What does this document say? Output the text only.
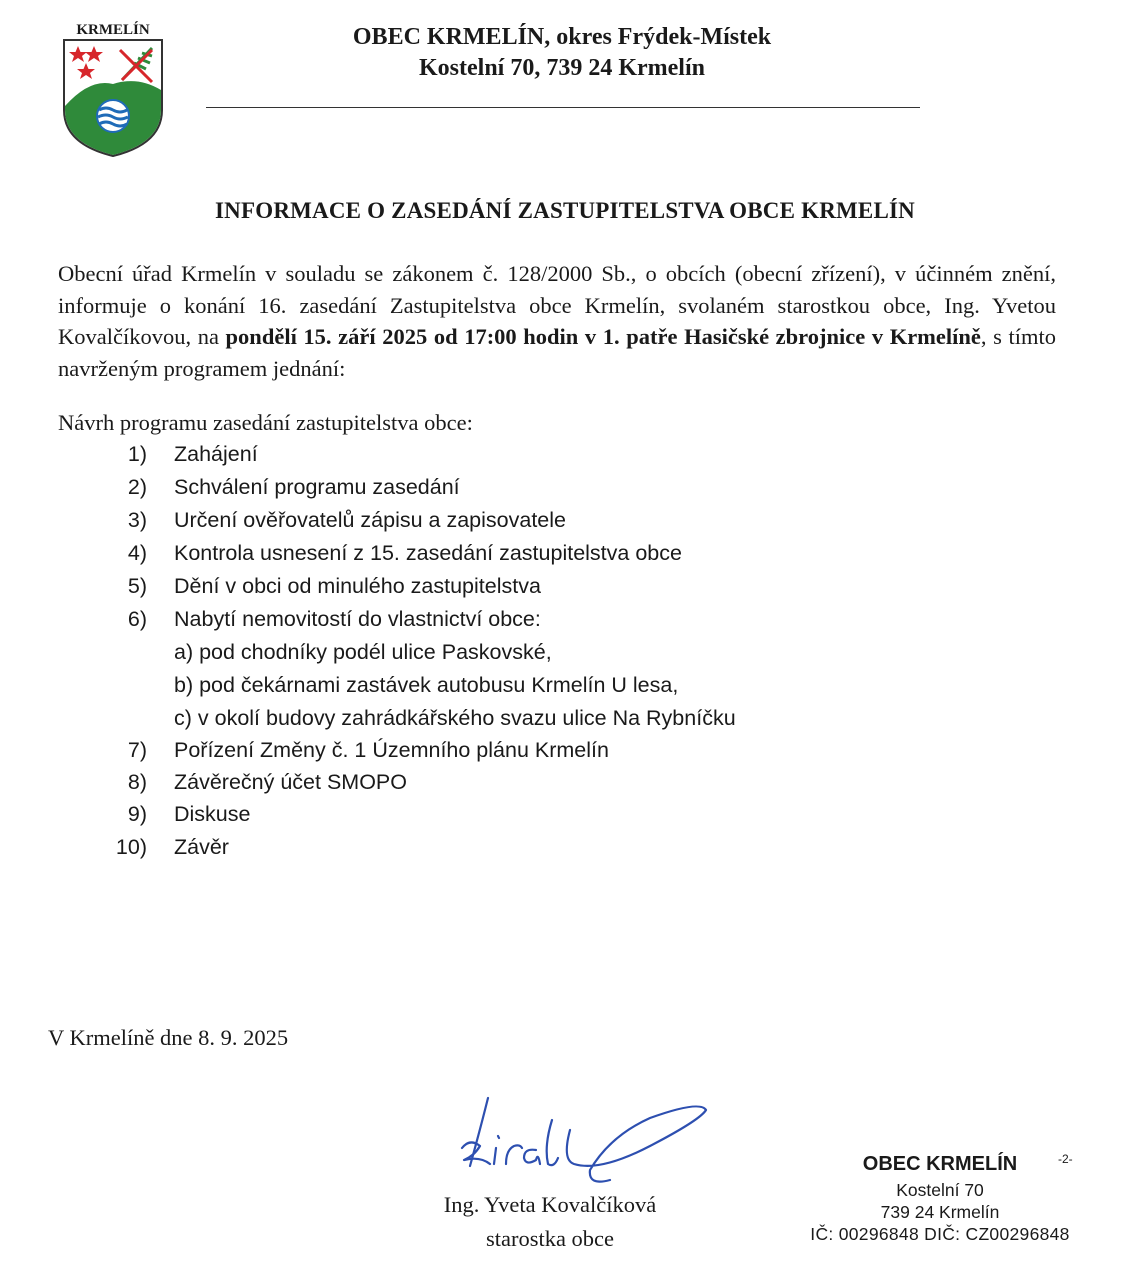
KRMELÍN	OBEC KRMELÍN, okres Frýdek-Místek
Kostelní 70, 739 24 Krmelín
INFORMACE O ZASEDÁNÍ ZASTUPITELSTVA OBCE KRMELÍN
Obecní úřad Krmelín v souladu se zákonem č. 128/2000 Sb., o obcích (obecní zřízení), v účinném znění, informuje o konání 16. zasedání Zastupitelstva obce Krmelín, svolaném starostkou obce, Ing. Yvetou Kovalčíkovou, na pondělí 15. září 2025 od 17:00 hodin v 1. patře Hasičské zbrojnice v Krmelíně, s tímto navrženým programem jednání:
Návrh programu zasedání zastupitelstva obce:
1) Zahájení
2) Schválení programu zasedání
3) Určení ověřovatelů zápisu a zapisovatele
4) Kontrola usnesení z 15. zasedání zastupitelstva obce
5) Dění v obci od minulého zastupitelstva
6) Nabytí nemovitostí do vlastnictví obce:
a) pod chodníky podél ulice Paskovské,
b) pod čekárnami zastávek autobusu Krmelín U lesa,
c) v okolí budovy zahrádkářského svazu ulice Na Rybníčku
7) Pořízení Změny č. 1 Územního plánu Krmelín
8) Závěrečný účet SMOPO
9) Diskuse
10) Závěr
V Krmelíně dne 8. 9. 2025
Ing. Yveta Kovalčíková
starostka obce
OBEC KRMELÍN
Kostelní 70
739 24 Krmelín
IČ: 00296848 DIČ: CZ00296848
-2-
